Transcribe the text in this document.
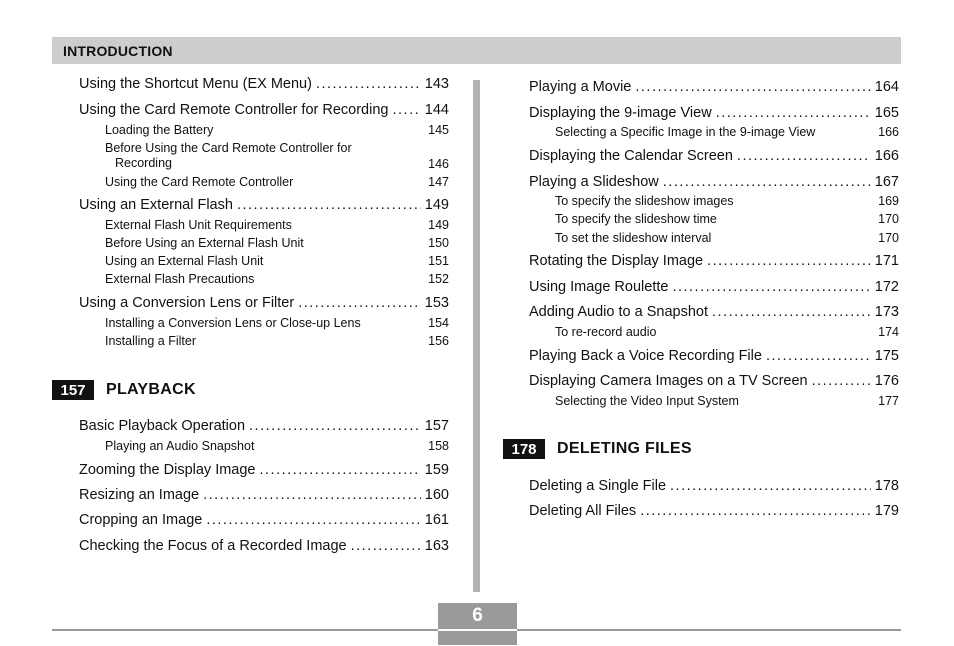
INTRODUCTION
Using the Shortcut Menu (EX Menu) .....	143
Using the Card Remote Controller for Recording .....	144
Loading the Battery	145
Before Using the Card Remote Controller for Recording	146
Using the Card Remote Controller	147
Using an External Flash .....	149
External Flash Unit Requirements	149
Before Using an External Flash Unit	150
Using an External Flash Unit	151
External Flash Precautions	152
Using a Conversion Lens or Filter .....	153
Installing a Conversion Lens or Close-up Lens	154
Installing a Filter	156
Basic Playback Operation .....	157
Playing an Audio Snapshot	158
Zooming the Display Image .....	159
Resizing an Image .....	160
Cropping an Image .....	161
Checking the Focus of a Recorded Image .....	163
157	PLAYBACK
Playing a Movie .....	164
Displaying the 9-image View .....	165
Selecting a Specific Image in the 9-image View	166
Displaying the Calendar Screen .....	166
Playing a Slideshow .....	167
To specify the slideshow images	169
To specify the slideshow time	170
To set the slideshow interval	170
Rotating the Display Image .....	171
Using Image Roulette .....	172
Adding Audio to a Snapshot .....	173
To re-record audio	174
Playing Back a Voice Recording File .....	175
Displaying Camera Images on a TV Screen .....	176
Selecting the Video Input System	177
Deleting a Single File .....	178
Deleting All Files .....	179
178	DELETING FILES
6
